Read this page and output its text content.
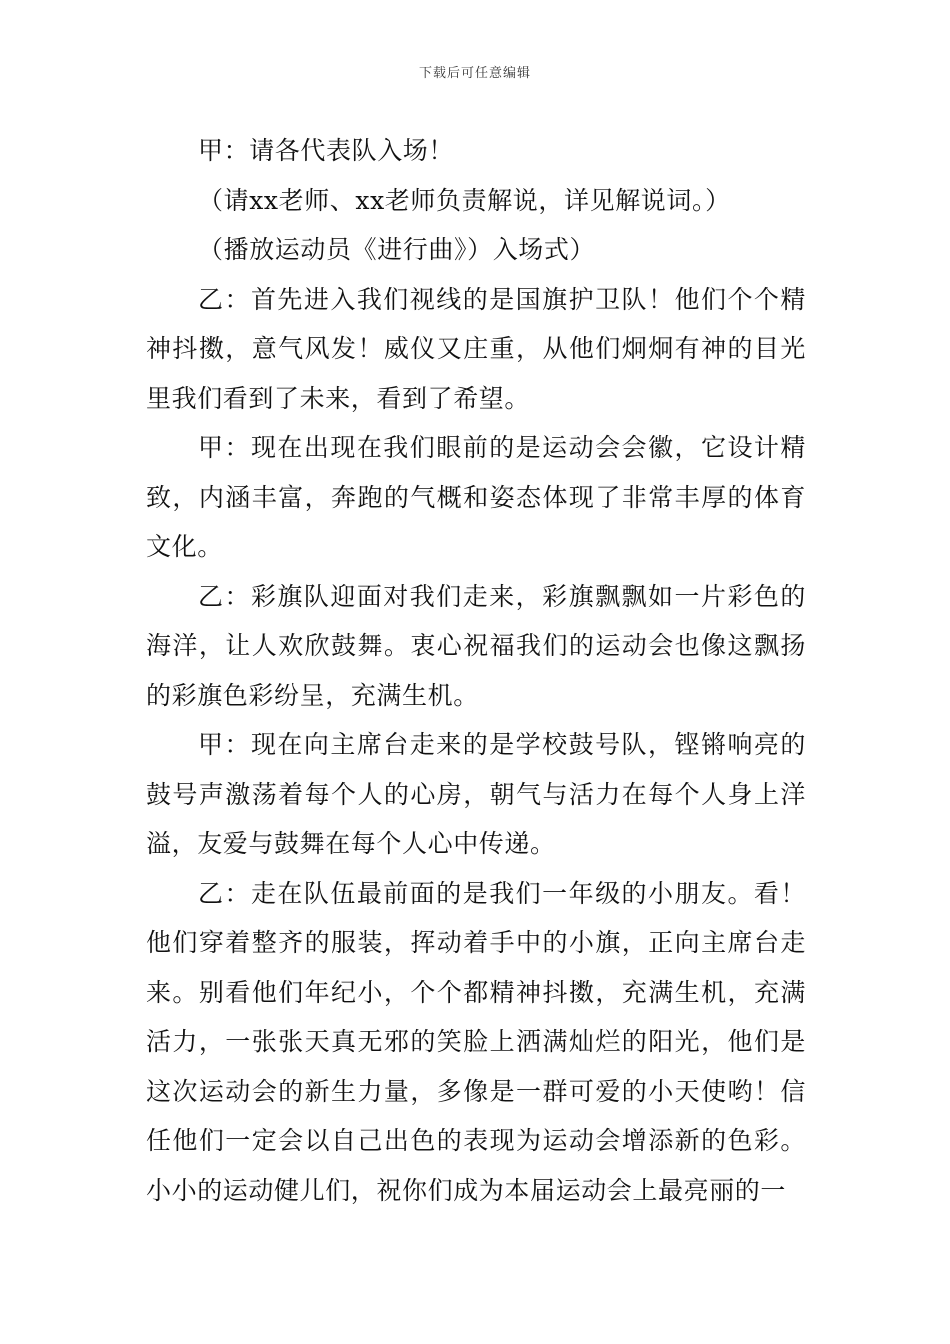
下载后可任意编辑

甲：请各代表队入场！

（请xx老师、xx老师负责解说，详见解说词。）

（播放运动员《进行曲》）入场式）

乙：首先进入我们视线的是国旗护卫队！他们个个精神抖擞，意气风发！威仪又庄重，从他们炯炯有神的目光里我们看到了未来，看到了希望。

甲：现在出现在我们眼前的是运动会会徽，它设计精致，内涵丰富，奔跑的气概和姿态体现了非常丰厚的体育文化。

乙：彩旗队迎面对我们走来，彩旗飘飘如一片彩色的海洋，让人欢欣鼓舞。衷心祝福我们的运动会也像这飘扬的彩旗色彩纷呈，充满生机。

甲：现在向主席台走来的是学校鼓号队，铿锵响亮的鼓号声激荡着每个人的心房，朝气与活力在每个人身上洋溢，友爱与鼓舞在每个人心中传递。

乙：走在队伍最前面的是我们一年级的小朋友。看！他们穿着整齐的服装，挥动着手中的小旗，正向主席台走来。别看他们年纪小，个个都精神抖擞，充满生机，充满活力，一张张天真无邪的笑脸上洒满灿烂的阳光，他们是这次运动会的新生力量，多像是一群可爱的小天使哟！信任他们一定会以自己出色的表现为运动会增添新的色彩。小小的运动健儿们，祝你们成为本届运动会上最亮丽的一
